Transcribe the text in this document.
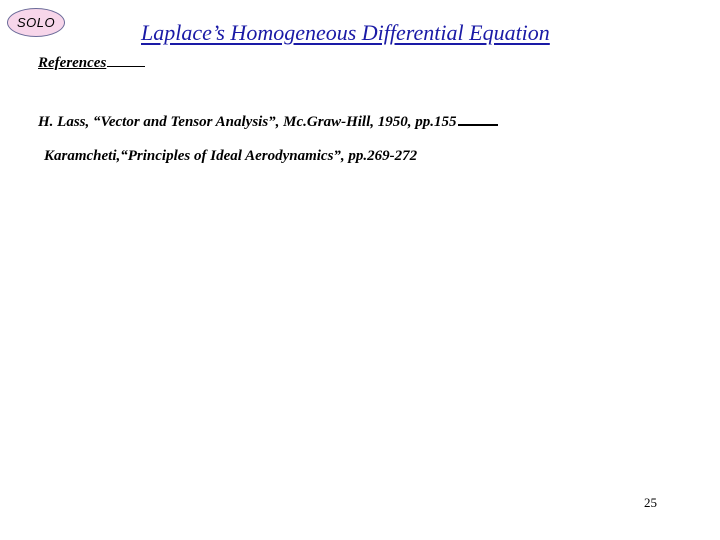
SOLO	Laplace’s Homogeneous Differential Equation
References
H. Lass, “Vector and Tensor Analysis”, Mc.Graw-Hill, 1950, pp.155
Karamcheti,“Principles of Ideal Aerodynamics”, pp.269-272
25
